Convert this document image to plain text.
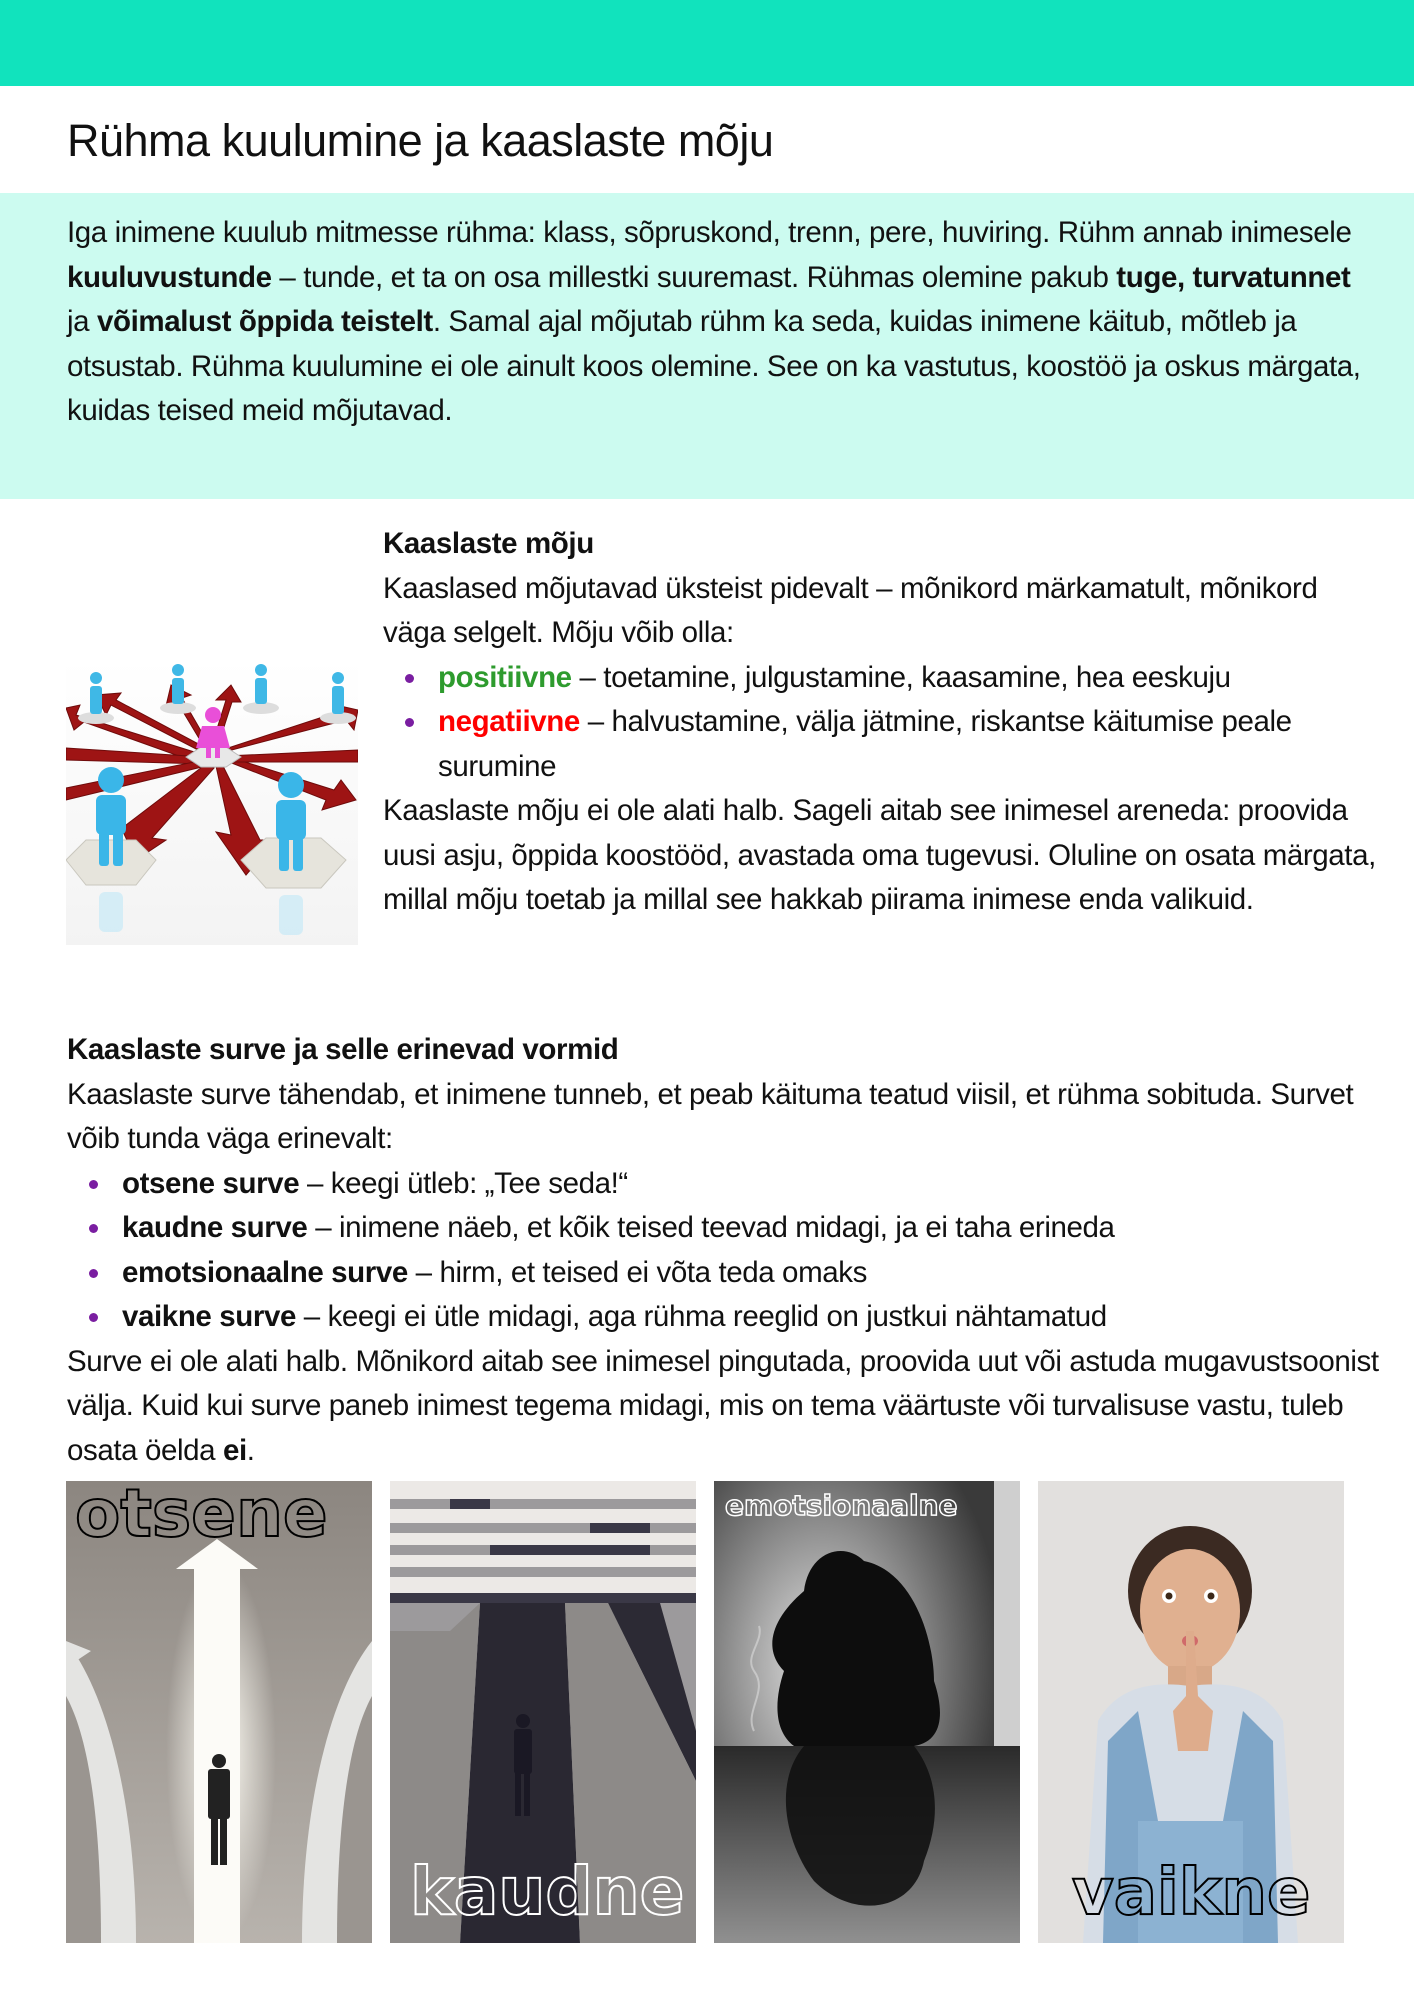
Rühma kuulumine ja kaaslaste mõju

Iga inimene kuulub mitmesse rühma: klass, sõpruskond, trenn, pere, huviring. Rühm annab inimesele kuuluvustunde – tunde, et ta on osa millestki suuremast. Rühmas olemine pakub tuge, turvatunnet ja võimalust õppida teistelt. Samal ajal mõjutab rühm ka seda, kuidas inimene käitub, mõtleb ja otsustab. Rühma kuulumine ei ole ainult koos olemine. See on ka vastutus, koostöö ja oskus märgata, kuidas teised meid mõjutavad.

Kaaslaste mõju

Kaaslased mõjutavad üksteist pidevalt – mõnikord märkamatult, mõnikord väga selgelt. Mõju võib olla:

positiivne – toetamine, julgustamine, kaasamine, hea eeskuju
negatiivne – halvustamine, välja jätmine, riskantse käitumise peale surumine

Kaaslaste mõju ei ole alati halb. Sageli aitab see inimesel areneda: proovida uusi asju, õppida koostööd, avastada oma tugevusi. Oluline on osata märgata, millal mõju toetab ja millal see hakkab piirama inimese enda valikuid.

Kaaslaste surve ja selle erinevad vormid

Kaaslaste surve tähendab, et inimene tunneb, et peab käituma teatud viisil, et rühma sobituda. Survet võib tunda väga erinevalt:

otsene surve – keegi ütleb: „Tee seda!“
kaudne surve – inimene näeb, et kõik teised teevad midagi, ja ei taha erineda
emotsionaalne surve – hirm, et teised ei võta teda omaks
vaikne surve – keegi ei ütle midagi, aga rühma reeglid on justkui nähtamatud

Surve ei ole alati halb. Mõnikord aitab see inimesel pingutada, proovida uut või astuda mugavustsoonist välja. Kuid kui surve paneb inimest tegema midagi, mis on tema väärtuste või turvalisuse vastu, tuleb osata öelda ei.

otsene
kaudne
emotsionaalne
vaikne
